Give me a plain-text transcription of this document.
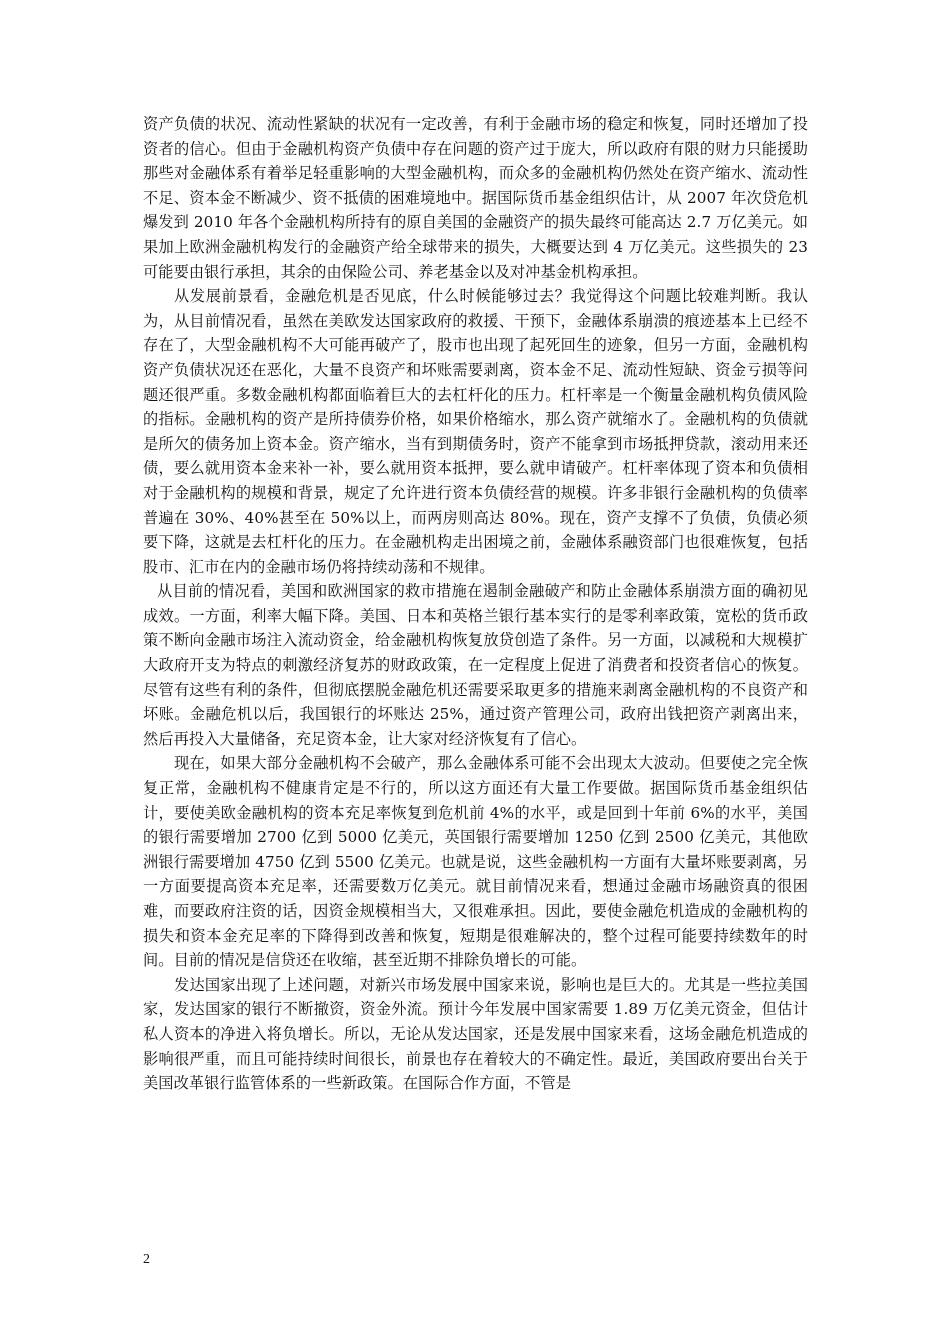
资产负债的状况、流动性紧缺的状况有一定改善，有利于金融市场的稳定和恢复，同时还增加了投资者的信心。但由于金融机构资产负债中存在问题的资产过于庞大，所以政府有限的财力只能援助那些对金融体系有着举足轻重影响的大型金融机构，而众多的金融机构仍然处在资产缩水、流动性不足、资本金不断减少、资不抵债的困难境地中。据国际货币基金组织估计，从 2007 年次贷危机爆发到 2010 年各个金融机构所持有的原自美国的金融资产的损失最终可能高达 2.7 万亿美元。如果加上欧洲金融机构发行的金融资产给全球带来的损失，大概要达到 4 万亿美元。这些损失的 23 可能要由银行承担，其余的由保险公司、养老基金以及对冲基金机构承担。

从发展前景看，金融危机是否见底，什么时候能够过去？我觉得这个问题比较难判断。我认为，从目前情况看，虽然在美欧发达国家政府的救援、干预下，金融体系崩溃的痕迹基本上已经不存在了，大型金融机构不大可能再破产了，股市也出现了起死回生的迹象，但另一方面，金融机构资产负债状况还在恶化，大量不良资产和坏账需要剥离，资本金不足、流动性短缺、资金亏损等问题还很严重。多数金融机构都面临着巨大的去杠杆化的压力。杠杆率是一个衡量金融机构负债风险的指标。金融机构的资产是所持债券价格，如果价格缩水，那么资产就缩水了。金融机构的负债就是所欠的债务加上资本金。资产缩水，当有到期债务时，资产不能拿到市场抵押贷款，滚动用来还债，要么就用资本金来补一补，要么就用资本抵押，要么就申请破产。杠杆率体现了资本和负债相对于金融机构的规模和背景，规定了允许进行资本负债经营的规模。许多非银行金融机构的负债率普遍在 30%、40%甚至在 50%以上，而两房则高达 80%。现在，资产支撑不了负债，负债必须要下降，这就是去杠杆化的压力。在金融机构走出困境之前，金融体系融资部门也很难恢复，包括股市、汇市在内的金融市场仍将持续动荡和不规律。

从目前的情况看，美国和欧洲国家的救市措施在遏制金融破产和防止金融体系崩溃方面的确初见成效。一方面，利率大幅下降。美国、日本和英格兰银行基本实行的是零利率政策，宽松的货币政策不断向金融市场注入流动资金，给金融机构恢复放贷创造了条件。另一方面，以减税和大规模扩大政府开支为特点的刺激经济复苏的财政政策，在一定程度上促进了消费者和投资者信心的恢复。尽管有这些有利的条件，但彻底摆脱金融危机还需要采取更多的措施来剥离金融机构的不良资产和坏账。金融危机以后，我国银行的坏账达 25%，通过资产管理公司，政府出钱把资产剥离出来，然后再投入大量储备，充足资本金，让大家对经济恢复有了信心。

现在，如果大部分金融机构不会破产，那么金融体系可能不会出现太大波动。但要使之完全恢复正常，金融机构不健康肯定是不行的，所以这方面还有大量工作要做。据国际货币基金组织估计，要使美欧金融机构的资本充足率恢复到危机前 4%的水平，或是回到十年前 6%的水平，美国的银行需要增加 2700 亿到 5000 亿美元，英国银行需要增加 1250 亿到 2500 亿美元，其他欧洲银行需要增加 4750 亿到 5500 亿美元。也就是说，这些金融机构一方面有大量坏账要剥离，另一方面要提高资本充足率，还需要数万亿美元。就目前情况来看，想通过金融市场融资真的很困难，而要政府注资的话，因资金规模相当大，又很难承担。因此，要使金融危机造成的金融机构的损失和资本金充足率的下降得到改善和恢复，短期是很难解决的，整个过程可能要持续数年的时间。目前的情况是信贷还在收缩，甚至近期不排除负增长的可能。

发达国家出现了上述问题，对新兴市场发展中国家来说，影响也是巨大的。尤其是一些拉美国家，发达国家的银行不断撤资，资金外流。预计今年发展中国家需要 1.89 万亿美元资金，但估计私人资本的净进入将负增长。所以，无论从发达国家，还是发展中国家来看，这场金融危机造成的影响很严重，而且可能持续时间很长，前景也存在着较大的不确定性。最近，美国政府要出台关于美国改革银行监管体系的一些新政策。在国际合作方面，不管是

2
